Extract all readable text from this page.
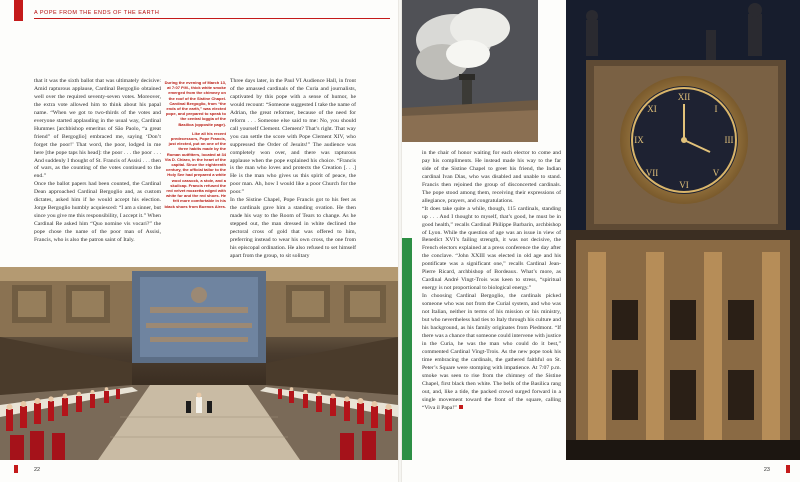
A POPE FROM THE ENDS OF THE EARTH

that it was the sixth ballot that was ultimately decisive: Amid rapturous applause, Cardinal Bergoglio obtained well over the required seventy-seven votes. Moreover, the extra vote allowed him to think about his papal name. “When we got to two-thirds of the votes and everyone started applauding in the usual way, Cardinal Hummes [archbishop emeritus of São Paolo, “a great friend” of Bergoglio] embraced me, saying ‘Don’t forget the poor!’ That word, the poor, lodged in me here [the pope taps his head]: the poor . . . the poor . . . And suddenly I thought of St. Francis of Assisi . . . then of wars, as the counting of the votes continued to the end.”

Once the ballot papers had been counted, the Cardinal Dean approached Cardinal Bergoglio and, as custom dictates, asked him if he would accept his election. Jorge Bergoglio humbly acquiesced: “I am a sinner, but since you give me this responsibility, I accept it.” When Cardinal Re asked him “Quo nomine vis vocari?” the pope chose the name of the poor man of Assisi, Francis, who is also the patron saint of Italy.

During the evening of March 13, at 7:07 P.M., thick white smoke emerged from the chimney on the roof of the Sistine Chapel. Cardinal Bergoglio, from “the ends of the earth,” was elected pope, and prepared to speak to the central loggia of the Basilica (opposite page).

Like all his recent predecessors, Pope Francis, just elected, put on one of the three habits made by the Roman outfitters, located at 34 Via D. Chiaro, in the heart of the capital. Since the eighteenth century, the official tailor to the Holy See had prepared a white wool cassock, a stole, and a skullcap. Francis refused the red velvet mozzetta edged with white fur and the red shoes. He felt more comfortable in his black shoes from Buenos Aires.

Three days later, in the Paul VI Audience Hall, in front of the amassed cardinals of the Curia and journalists, captivated by this pope with a sense of humor, he would recount: “Someone suggested I take the name of Adrian, the great reformer, because of the need for reform . . . Someone else said to me: No, you should call yourself Clement. Clement? That’s right. That way you can settle the score with Pope Clement XIV, who suppressed the Order of Jesuits!” The audience was completely won over, and there was rapturous applause when the pope explained his choice. “Francis is the man who loves and protects the Creation [. . .] He is the man who gives us this spirit of peace, the poor man. Ah, how I would like a poor Church for the poor.”

In the Sistine Chapel, Pope Francis got to his feet as the cardinals gave him a standing ovation. He then made his way to the Room of Tears to change. As he stepped out, the man dressed in white declined the pectoral cross of gold that was offered to him, preferring instead to wear his own cross, the one from his episcopal ordination. He also refused to set himself apart from the group, to sit solitary

22

in the chair of honor waiting for each elector to come and pay his compliments. He instead made his way to the far side of the Sistine Chapel to greet his friend, the Indian cardinal Ivan Dias, who was disabled and unable to stand. Francis then rejoined the group of disconcerted cardinals. The pope stood among them, receiving their expressions of allegiance, prayers, and congratulations.

“It does take quite a while, though, 115 cardinals, standing up . . . And I thought to myself, that’s good, he must be in good health,” recalls Cardinal Philippe Barbarin, archbishop of Lyon. While the question of age was an issue in view of Benedict XVI’s failing strength, it was not decisive, the French electors explained at a press conference the day after the conclave. “John XXIII was elected in old age and his pontificate was a significant one,” recalls Cardinal Jean-Pierre Ricard, archbishop of Bordeaux. What’s more, as Cardinal André Vingt-Trois was keen to stress, “spiritual energy is not proportional to biological energy.”

In choosing Cardinal Bergoglio, the cardinals picked someone who was not from the Curial system, and who was not Italian, neither in terms of his mission or his ministry, but who nevertheless had ties to Italy through his culture and his background, as his family originates from Piedmont. “If there was a chance that someone could intervene with justice in the Curia, he was the man who could do it best,” commented Cardinal Vingt-Trois. As the new pope took his time embracing the cardinals, the gathered faithful on St. Peter’s Square were stomping with impatience. At 7:07 p.m. smoke was seen to rise from the chimney of the Sistine Chapel, first black then white. The bells of the Basilica rang out, and, like a tide, the packed crowd surged forward in a single movement toward the front of the square, calling “Viva il Papa!”

XII
I
III
V
VI
VII
IX
XI
23
